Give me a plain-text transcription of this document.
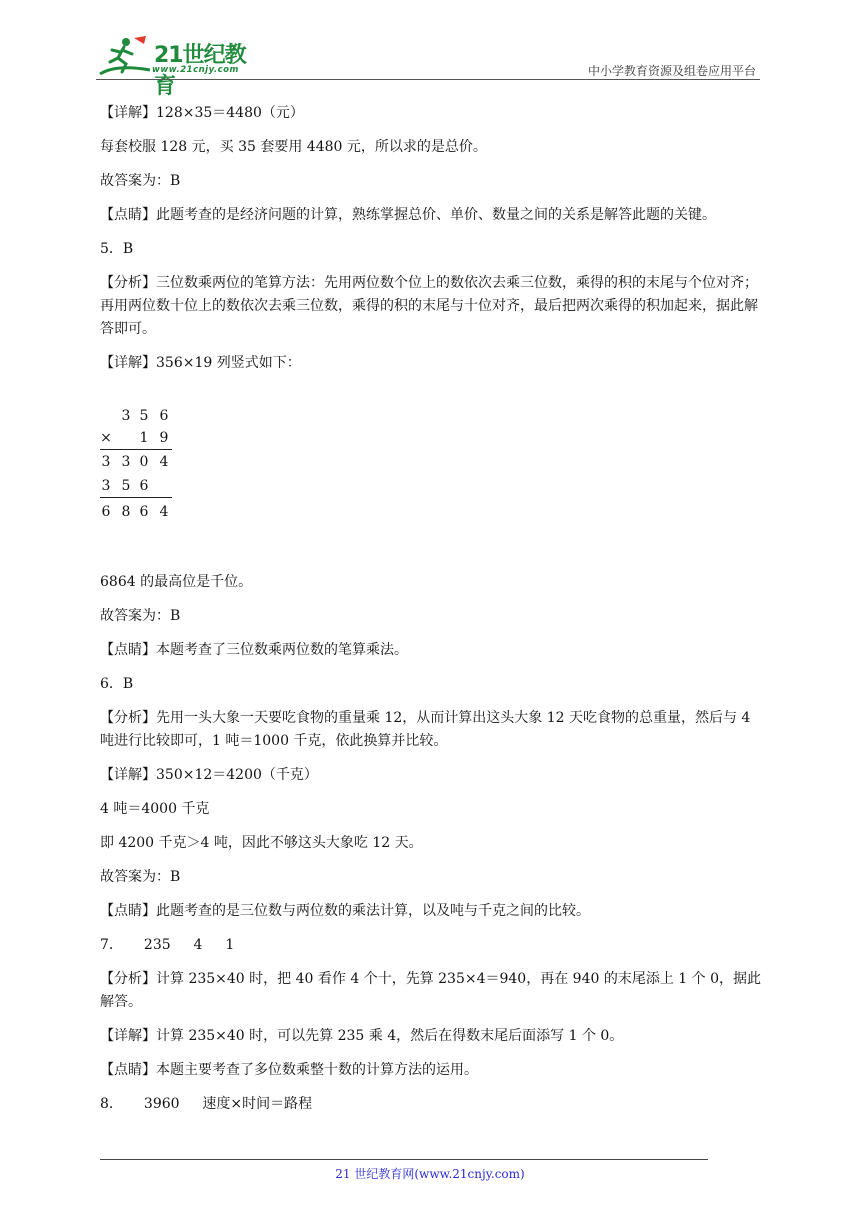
21世纪教育
www.21cnjy.com	中小学教育资源及组卷应用平台

【详解】128×35＝4480（元）

每套校服 128 元，买 35 套要用 4480 元，所以求的是总价。

故答案为：B

【点睛】此题考查的是经济问题的计算，熟练掌握总价、单价、数量之间的关系是解答此题的关键。

5．B

【分析】三位数乘两位的笔算方法：先用两位数个位上的数依次去乘三位数，乘得的积的末尾与个位对齐；再用两位数十位上的数依次去乘三位数，乘得的积的末尾与十位对齐，最后把两次乘得的积加起来，据此解答即可。

【详解】356×19 列竖式如下：

3 5 6
× 1 9
3 3 0 4
3 5 6
6 8 6 4

6864 的最高位是千位。

故答案为：B

【点睛】本题考查了三位数乘两位数的笔算乘法。

6．B

【分析】先用一头大象一天要吃食物的重量乘 12，从而计算出这头大象 12 天吃食物的总重量，然后与 4 吨进行比较即可，1 吨＝1000 千克，依此换算并比较。

【详解】350×12＝4200（千克）

4 吨＝4000 千克

即 4200 千克＞4 吨，因此不够这头大象吃 12 天。

故答案为：B

【点睛】此题考查的是三位数与两位数的乘法计算，以及吨与千克之间的比较。

7．　　235　  4　  1

【分析】计算 235×40 时，把 40 看作 4 个十，先算 235×4＝940，再在 940 的末尾添上 1 个 0，据此解答。

【详解】计算 235×40 时，可以先算 235 乘 4，然后在得数末尾后面添写 1 个 0。

【点睛】本题主要考查了多位数乘整十数的计算方法的运用。

8．　　3960　  速度×时间＝路程

21 世纪教育网(www.21cnjy.com)
